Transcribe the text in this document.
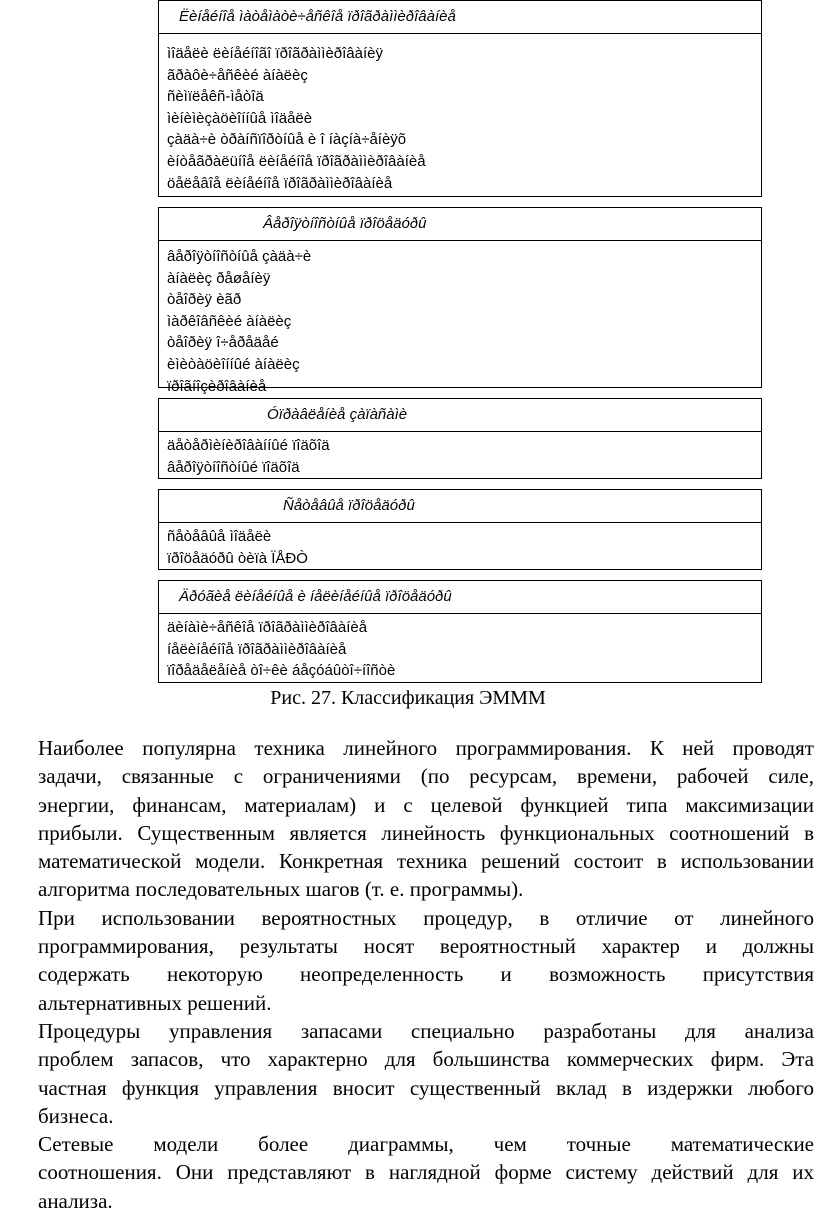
Ëèíåéíîå ìàòåìàòè÷åñêîå ïðîãðàììèðîâàíèå
ìîäåëè ëèíåéíîãî ïðîãðàììèðîâàíèÿ
ãðàôè÷åñêèé àíàëèç
ñèìïëåêñ-ìåòîä
ìèíèìèçàöèîííûå ìîäåëè
çàäà÷è òðàíñïîðòíûå è î íàçíà÷åíèÿõ
èíòåãðàëüíîå ëèíåéíîå ïðîãðàììèðîâàíèå
öåëåâîå ëèíåéíîå ïðîãðàììèðîâàíèå
Âåðîÿòíîñòíûå ïðîöåäóðû
âåðîÿòíîñòíûå çàäà÷è
àíàëèç ðåøåíèÿ
òåîðèÿ èãð
ìàðêîâñêèé àíàëèç
òåîðèÿ î÷åðåäåé
èìèòàöèîííûé àíàëèç
ïðîãíîçèðîâàíèå
Óïðàâëåíèå çàïàñàìè
äåòåðìèíèðîâàííûé ïîäõîä
âåðîÿòíîñòíûé ïîäõîä
Ñåòåâûå ïðîöåäóðû
ñåòåâûå ìîäåëè
ïðîöåäóðû òèïà ÏÅÐÒ
Äðóãèå ëèíåéíûå è íåëèíåéíûå ïðîöåäóðû
äèíàìè÷åñêîå ïðîãðàììèðîâàíèå
íåëèíåéíîå ïðîãðàììèðîâàíèå
ïîðåäåëåíèå òî÷êè áåçóáûòî÷íîñòè
Рис. 27. Классификация ЭММM

Наиболее популярна техника линейного программирования. К ней проводят
задачи, связанные с ограничениями (по ресурсам, времени, рабочей силе,
энергии, финансам, материалам) и с целевой функцией типа максимизации
прибыли. Существенным является линейность функциональных соотношений в
математической модели. Конкретная техника решений состоит в использовании
алгоритма последовательных шагов (т. е. программы).

При использовании вероятностных процедур, в отличие от линейного
программирования, результаты носят вероятностный характер и должны
содержать некоторую неопределенность и возможность присутствия
альтернативных решений.

Процедуры управления запасами специально разработаны для анализа
проблем запасов, что характерно для большинства коммерческих фирм. Эта
частная функция управления вносит существенный вклад в издержки любого
бизнеса.

Сетевые модели более диаграммы, чем точные математические
соотношения. Они представляют в наглядной форме систему действий для их
анализа.
